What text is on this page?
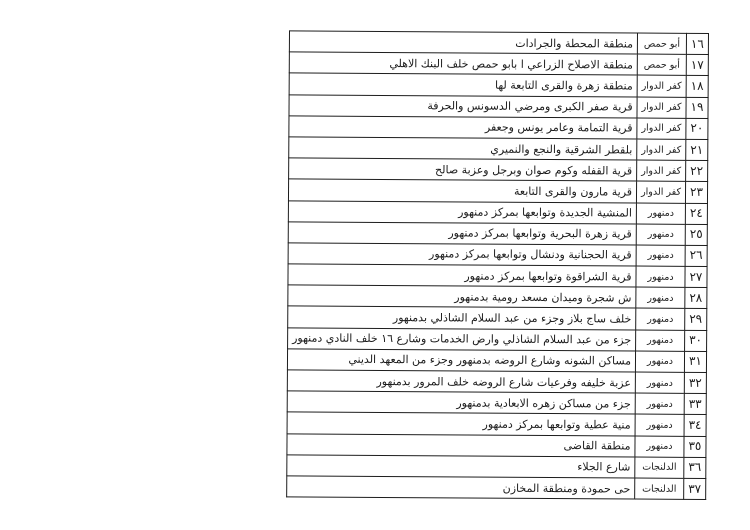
١٦	أبو حمص	منطقة المحطة والجرادات
١٧	أبو حمص	منطقة الاصلاح الزراعي ا بابو حمص خلف البنك الاهلي
١٨	كفر الدوار	منطقة زهرة والقرى التابعة لها
١٩	كفر الدوار	قرية صفر الكبرى ومرضي الدسونس والحرفة
٢٠	كفر الدوار	قرية التمامة وعامر يونس وجعفر
٢١	كفر الدوار	بلقطر الشرقية والنجع والنميري
٢٢	كفر الدوار	قرية القفله وكوم صوان وبرجل وعزبة صالح
٢٣	كفر الدوار	قرية مارون والقرى التابعة
٢٤	دمنهور	المنشية الجديدة وتوابعها بمركز دمنهور
٢٥	دمنهور	قرية زهرة البحرية وتوابعها بمركز دمنهور
٢٦	دمنهور	قرية الحجنانية ودنشال وتوابعها بمركز دمنهور
٢٧	دمنهور	قرية الشراقوة وتوابعها بمركز دمنهور
٢٨	دمنهور	ش شجرة وميدان مسعد رومية بدمنهور
٢٩	دمنهور	خلف ساج بلاز وجزء من عبد السلام الشاذلي بدمنهور
٣٠	دمنهور	جزء من عبد السلام الشاذلي وارض الخدمات وشارع ١٦ خلف النادي دمنهور
٣١	دمنهور	مساكن الشونه وشارع الروضه بدمنهور وجزء من المعهد الديني
٣٢	دمنهور	عزبة خليفه وفرعيات شارع الروضه خلف المرور بدمنهور
٣٣	دمنهور	جزء من مساكن زهره الابعادية بدمنهور
٣٤	دمنهور	منية عطية وتوابعها بمركز دمنهور
٣٥	دمنهور	منطقة القاضى
٣٦	الدلنجات	شارع الجلاء
٣٧	الدلنجات	حى حمودة ومنطقة المخازن
